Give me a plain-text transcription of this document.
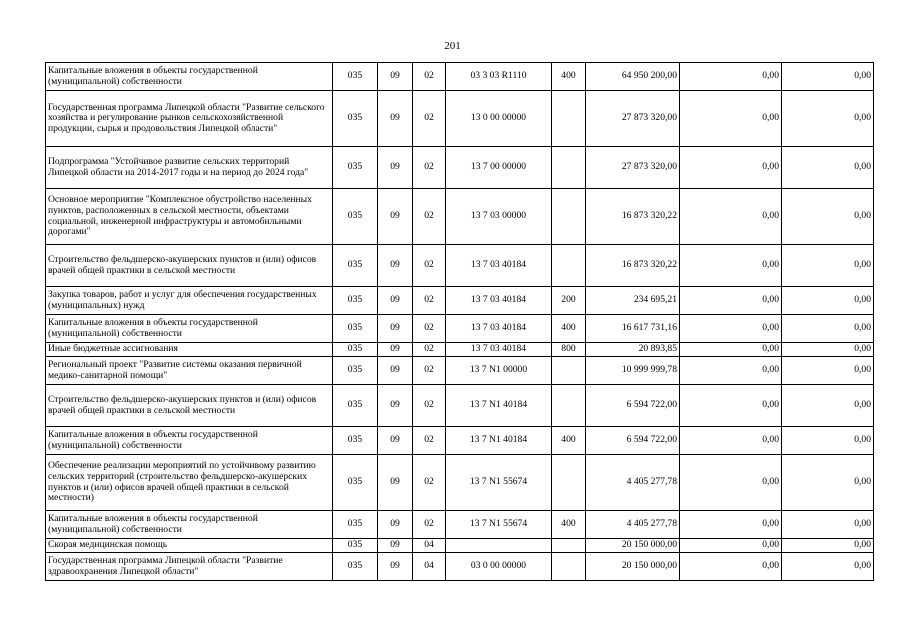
201
Капитальные вложения в объекты государственной (муниципальной) собственности	035	09	02	03 3 03 R1110	400	64 950 200,00	0,00	0,00
Государственная программа Липецкой области "Развитие сельского хозяйства и регулирование рынков сельскохозяйственной продукции, сырья и продовольствия Липецкой области"	035	09	02	13 0 00 00000		27 873 320,00	0,00	0,00
Подпрограмма "Устойчивое развитие сельских территорий Липецкой области на 2014-2017 годы и на период до 2024 года"	035	09	02	13 7 00 00000		27 873 320,00	0,00	0,00
Основное мероприятие "Комплексное обустройство населенных пунктов, расположенных в сельской местности, объектами социальной, инженерной инфраструктуры и автомобильными дорогами"	035	09	02	13 7 03 00000		16 873 320,22	0,00	0,00
Строительство фельдшерско-акушерских пунктов и (или) офисов врачей общей практики в сельской местности	035	09	02	13 7 03 40184		16 873 320,22	0,00	0,00
Закупка товаров, работ и услуг для обеспечения государственных (муниципальных) нужд	035	09	02	13 7 03 40184	200	234 695,21	0,00	0,00
Капитальные вложения в объекты государственной (муниципальной) собственности	035	09	02	13 7 03 40184	400	16 617 731,16	0,00	0,00
Иные бюджетные ассигнования	035	09	02	13 7 03 40184	800	20 893,85	0,00	0,00
Региональный проект "Развитие системы оказания первичной медико-санитарной помощи"	035	09	02	13 7 N1 00000		10 999 999,78	0,00	0,00
Строительство фельдшерско-акушерских пунктов и (или) офисов врачей общей практики в сельской местности	035	09	02	13 7 N1 40184		6 594 722,00	0,00	0,00
Капитальные вложения в объекты государственной (муниципальной) собственности	035	09	02	13 7 N1 40184	400	6 594 722,00	0,00	0,00
Обеспечение реализации мероприятий по устойчивому развитию сельских территорий (строительство фельдшерско-акушерских пунктов и (или) офисов врачей общей практики в сельской местности)	035	09	02	13 7 N1 55674		4 405 277,78	0,00	0,00
Капитальные вложения в объекты государственной (муниципальной) собственности	035	09	02	13 7 N1 55674	400	4 405 277,78	0,00	0,00
Скорая медицинская помощь	035	09	04			20 150 000,00	0,00	0,00
Государственная программа Липецкой области "Развитие здравоохранения Липецкой области"	035	09	04	03 0 00 00000		20 150 000,00	0,00	0,00
